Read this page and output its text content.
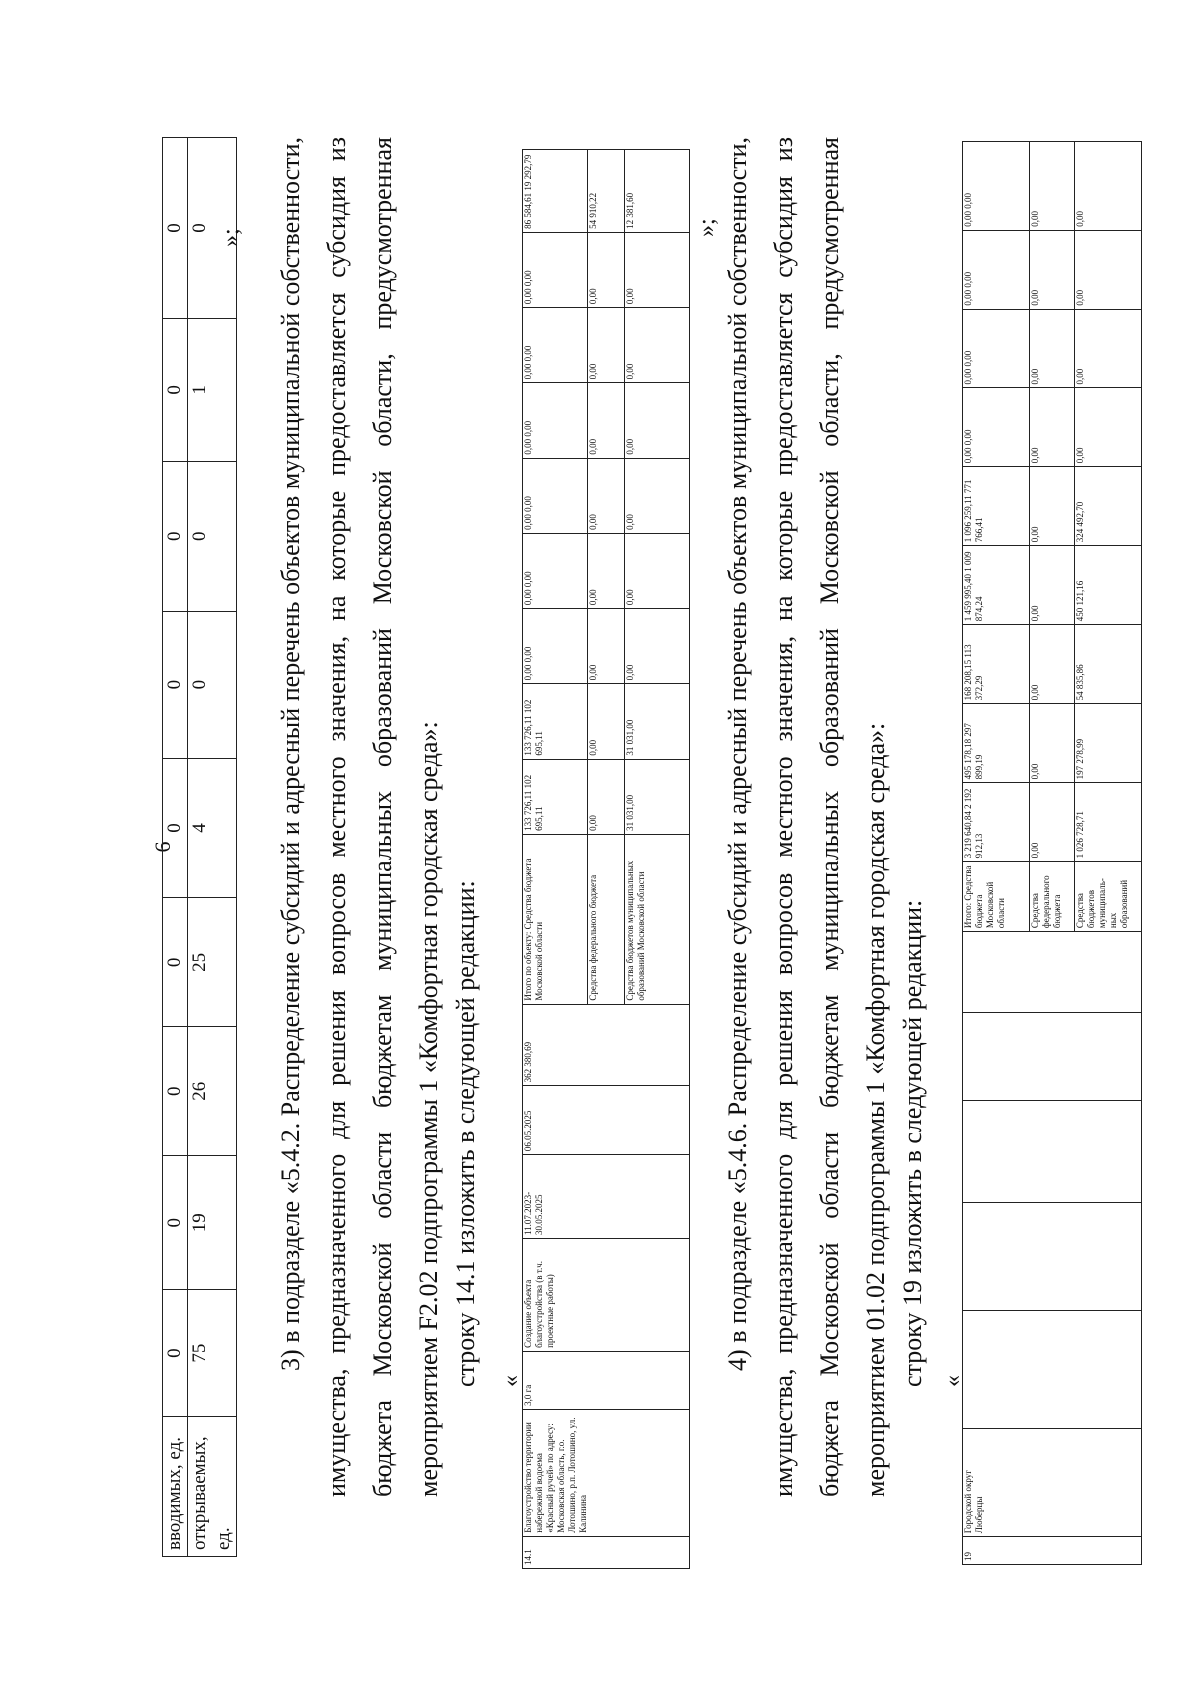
6
вводимых, ед.	0	0	0	0	0	0	0	0	0
открываемых, ед.	75	19	26	25	4	0	0	1	0
»;	3) в подразделе «5.4.2. Распределение субсидий и адресный перечень объектов муниципальной собственности, имущества, предназначенного для решения вопросов местного значения, на которые предоставляется субсидия из бюджета Московской области бюджетам муниципальных образований Московской области, предусмотренная мероприятием F2.02 подпрограммы 1 «Комфортная городская среда»: строку 14.1 изложить в следующей редакции: «
14.1	Благоустройство территории набережной водоема «Красный ручей» по адресу: Московская область, г.о. Лотошино, р.п. Лотошино, ул. Калинина	3,0 га	Создание объекта благоустройства (в т.ч. проектные работы)	11.07.2023-30.05.2025	06.05.2025	362 380,69	Итого по объекту: Средства бюджета Московской области	133 726,11 102 695,11	133 726,11 102 695,11	0,00 0,00	0,00 0,00	0,00 0,00	0,00 0,00	0,00 0,00	0,00 0,00	86 584,61 19 292,79
							Средства федерального бюджета	0,00	0,00	0,00	0,00	0,00	0,00	0,00	0,00	54 910,22
							Средства бюджетов муниципальных образований Московской области	31 031,00	31 031,00	0,00	0,00	0,00	0,00	0,00	0,00	12 381,60 »; 4) в подразделе «5.4.6. Распределение субсидий и адресный перечень объектов муниципальной собственности, имущества, предназначенного для решения вопросов местного значения, на которые предоставляется субсидия из бюджета Московской области бюджетам муниципальных образований Московской области, предусмотренная мероприятием 01.02 подпрограммы 1 «Комфортная городская среда»: строку 19 изложить в следующей редакции: «
19	Городской округ Люберцы						Итого: Средства бюджета Московской области	3 219 640,84 2 192 912,13	495 178,18 297 899,19	168 208,15 113 372,29	1 459 995,40 1 009 874,24	1 096 259,11 771 766,41	0,00 0,00	0,00 0,00	0,00 0,00	0,00 0,00
							Средства федерального бюджета	0,00	0,00	0,00	0,00	0,00	0,00	0,00	0,00	0,00
							Средства бюджетов муниципаль-ных образований	1 026 728,71	197 278,99	54 835,86	450 121,16	324 492,70	0,00	0,00	0,00	0,00
